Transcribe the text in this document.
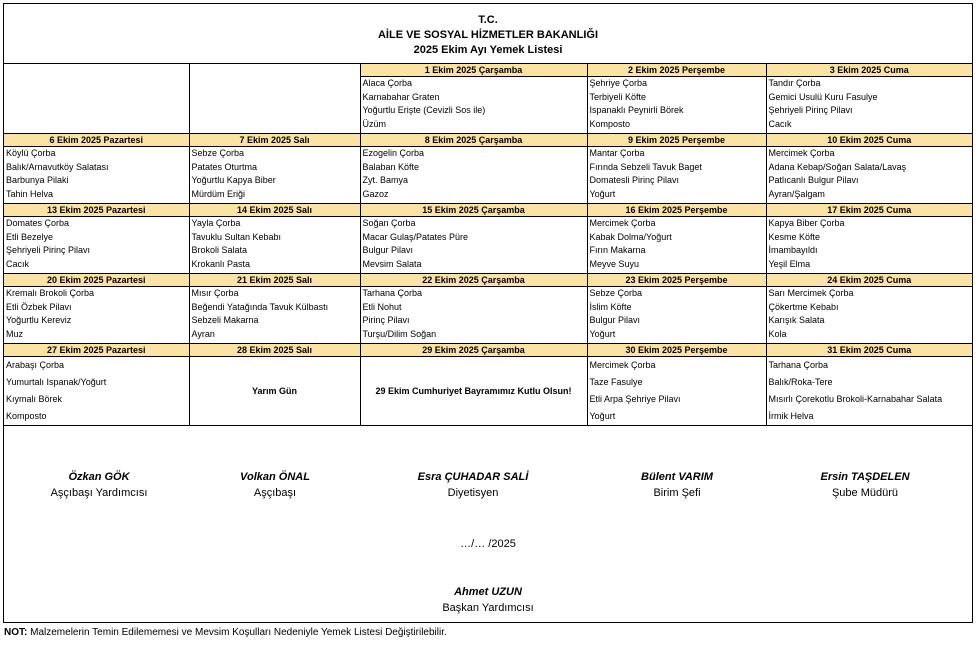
T.C.
AİLE VE SOSYAL HİZMETLER BAKANLIĞI
2025 Ekim Ayı Yemek Listesi
		1 Ekim 2025 Çarşamba	2 Ekim 2025 Perşembe	3 Ekim 2025 Cuma

		Alaca Çorba
Karnabahar Graten
Yoğurtlu Erişte (Cevizli Sos ile)
Üzüm	Şehriye Çorba
Terbiyeli Köfte
Ispanaklı Peynirli Börek
Komposto	Tandır Çorba
Gemici Usulü Kuru Fasulye
Şehriyeli Pirinç Pilavı
Cacık

6 Ekim 2025 Pazartesi	7 Ekim 2025 Salı	8 Ekim 2025 Çarşamba	9 Ekim 2025 Perşembe	10 Ekim 2025 Cuma

Köylü Çorba
Balık/Arnavutköy Salatası
Barbunya Pilaki
Tahin Helva	Sebze Çorba
Patates Oturtma
Yoğurtlu Kapya Biber
Mürdüm Eriği	Ezogelin Çorba
Balaban Köfte
Zyt. Bamya
Gazoz	Mantar Çorba
Fırında Sebzeli Tavuk Baget
Domatesli Pirinç Pilavı
Yoğurt	Mercimek Çorba
Adana Kebap/Soğan Salata/Lavaş
Patlıcanlı Bulgur Pilavı
Ayran/Şalgam

13 Ekim 2025 Pazartesi	14 Ekim 2025 Salı	15 Ekim 2025 Çarşamba	16 Ekim 2025 Perşembe	17 Ekim 2025 Cuma

Domates Çorba
Etli Bezelye
Şehriyeli Pirinç Pilavı
Cacık	Yayla Çorba
Tavuklu Sultan Kebabı
Brokoli Salata
Krokanlı Pasta	Soğan Çorba
Macar Gulaş/Patates Püre
Bulgur Pilavı
Mevsim Salata	Mercimek Çorba
Kabak Dolma/Yoğurt
Fırın Makarna
Meyve Suyu	Kapya Biber Çorba
Kesme Köfte
İmambayıldı
Yeşil Elma

20 Ekim 2025 Pazartesi	21 Ekim 2025 Salı	22 Ekim 2025 Çarşamba	23 Ekim 2025 Perşembe	24 Ekim 2025 Cuma

Kremalı Brokoli Çorba
Etli Özbek Pilavı
Yoğurtlu Kereviz
Muz	Mısır Çorba
Beğendi Yatağında Tavuk Külbastı
Sebzeli Makarna
Ayran	Tarhana Çorba
Etli Nohut
Pirinç Pilavı
Turşu/Dilim Soğan	Sebze Çorba
İslim Köfte
Bulgur Pilavı
Yoğurt	Sarı Mercimek Çorba
Çökertme Kebabı
Karışık Salata
Kola

27 Ekim 2025 Pazartesi	28 Ekim 2025 Salı	29 Ekim 2025 Çarşamba	30 Ekim 2025 Perşembe	31 Ekim 2025 Cuma

Arabaşı Çorba
Yumurtalı Ispanak/Yoğurt
Kıymalı Börek
Komposto	Yarım Gün	29 Ekim Cumhuriyet Bayramımız Kutlu Olsun!	Mercimek Çorba
Taze Fasulye
Etli Arpa Şehriye Pilavı
Yoğurt	Tarhana Çorba
Balık/Roka-Tere
Mısırlı Çorekotlu Brokoli-Karnabahar Salata
İrmik Helva
Özkan GÖK
Aşçıbaşı Yardımcısı
Volkan ÖNAL
Aşçıbaşı
Esra ÇUHADAR SALİ
Diyetisyen
Bülent VARIM
Birim Şefi
Ersin TAŞDELEN
Şube Müdürü
…/… /2025
Ahmet UZUN
Başkan Yardımcısı
NOT: Malzemelerin Temin Edilememesi ve Mevsim Koşulları Nedeniyle Yemek Listesi Değiştirilebilir.
